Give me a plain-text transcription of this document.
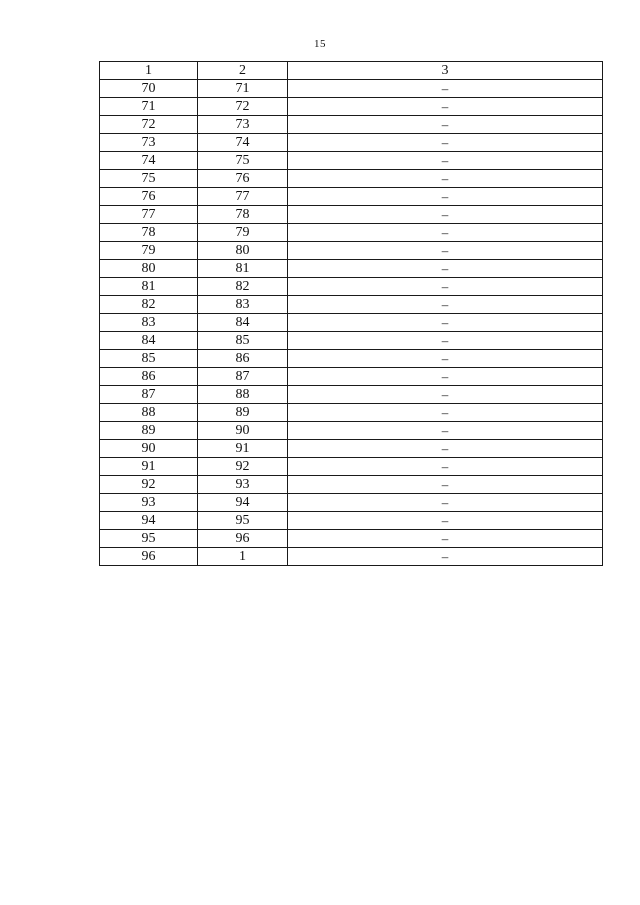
15
1	2	3
70	71	–
71	72	–
72	73	–
73	74	–
74	75	–
75	76	–
76	77	–
77	78	–
78	79	–
79	80	–
80	81	–
81	82	–
82	83	–
83	84	–
84	85	–
85	86	–
86	87	–
87	88	–
88	89	–
89	90	–
90	91	–
91	92	–
92	93	–
93	94	–
94	95	–
95	96	–
96	1	–
